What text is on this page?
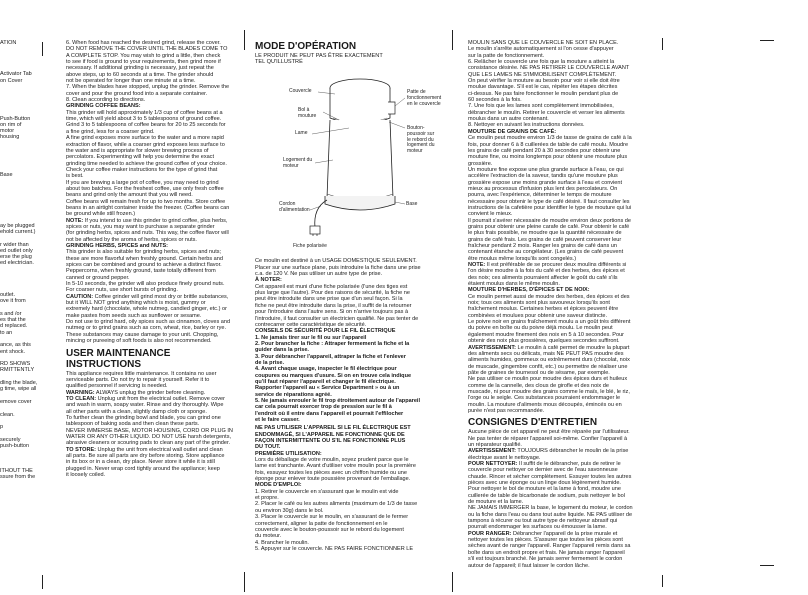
ATION

Activator Tab

on Cover

Push-Button

on rim of

motor

housing

Base

ay be plugged

ehold current.)

r wider than

ed outlet only

erse the plug

ed electrician.

outlet.

ove it from

s and /or

es that the

d replaced.

to an

ance, as this

ent shock.

RD SHOWS

RMITTENTLY

dling the blade,

g time, wipe all

emove cover

clean.

p

securely

push-button

ITHOUT THE

ssure from the

6. When food has reached the desired grind, release the cover.
DO NOT REMOVE THE COVER UNTIL THE BLADES COME TO
A COMPLETE STOP. You may wish to grind a little, then check
to see if food is ground to your requirements, then grind more if
necessary. If additional grinding is necessary, just repeat the
above steps, up to 60 seconds at a time. The grinder should
not be operated for longer than one minute at a time.
7. When the blades have stopped, unplug the grinder. Remove the
cover and pour the ground food into a separate container.
8. Clean according to directions.

GRINDING COFFEE BEANS:

This grinder will hold approximately 1/3 cup of coffee beans at a
time, which will yield about 3 to 5 tablespoons of ground coffee.
Grind 3 to 5 tablespoons of coffee beans for 20 to 25 seconds for
a fine grind, less for a coarser grind.
A fine grind exposes more surface to the water and a more rapid
extraction of flavor, while a coarser grind exposes less surface to
the water and is appropriate for slower brewing process of
percolators. Experimenting will help you determine the exact
grinding time needed to achieve the ground coffee of your choice.
Check your coffee maker instructions for the type of grind that
is best.
If you are brewing a large pot of coffee, you may need to grind
about two batches. For the freshest coffee, use only fresh coffee
beans and grind only the amount that you will need.
Coffee beans will remain fresh for up to two months. Store coffee
beans in an airtight container inside the freezer. (Coffee beans can
be ground while still frozen.)
NOTE: If you intend to use this grinder to grind coffee, plus herbs,
spices or nuts, you may want to purchase a separate grinder
(for grinding herbs, spices and nuts. This way, the coffee flavor will
not be affected by the aroma of herbs, spices or nuts.

GRINDING HERBS, SPICES and NUTS:

This grinder is also suitable for grinding herbs, spices and nuts;
these are more flavorful when freshly ground. Certain herbs and
spices can be combined and ground to achieve a distinct flavor.
Peppercorns, when freshly ground, taste totally different from
canned or ground pepper.
In 5-10 seconds, the grinder will also produce finely ground nuts.
For coarser nuts, use short bursts of grinding.
CAUTION: Coffee grinder will grind most dry or brittle substances,
but it WILL NOT grind anything which is moist, gummy or
extremely hard (chocolate, whole nutmeg, candied ginger, etc.) or
make pastes from seeds such as sunflower or sesame.
Do not use to grind hard, oily spices such as cinnamon, cloves and
nutmeg or to grind grains such as corn, wheat, rice, barley or rye.
These substances may cause damage to your unit. Chopping,
mincing or pureeing of soft foods is also not recommended.
USER MAINTENANCE INSTRUCTIONS
This appliance requires little maintenance. It contains no user
serviceable parts. Do not try to repair it yourself. Refer it to
qualified personnel if servicing is needed.
WARNING: ALWAYS unplug the grinder before cleaning.
TO CLEAN: Unplug unit from the electrical outlet. Remove cover
and wash in warm, soapy water. Rinse and dry thoroughly. Wipe
all other parts with a clean, slightly damp cloth or sponge.
To further clean the grinding bowl and blade, you can grind one
tablespoon of baking soda and then clean these parts.
NEVER IMMERSE BASE, MOTOR HOUSING, CORD OR PLUG IN
WATER OR ANY OTHER LIQUID. DO NOT USE harsh detergents,
abrasive cleaners or scouring pads to clean any part of the grinder.
TO STORE: Unplug the unit from electrical wall outlet and clean
all parts. Be sure all parts are dry before storing. Store appliance
in its box or in a clean, dry place. Never store it while it is still
plugged in. Never wrap cord tightly around the appliance; keep
it loosely coiled.
MODE D'OPÉRATION
LE PRODUIT NE PEUT PAS ÊTRE EXACTEMENT
TEL QU'ILLUSTRÉ
Couvercle
Bol à
mouture
Lame
Logement du
moteur
Cordon
d'alimentation
Fiche polarisée
Patte de
fonctionnement
en le couvercle
Bouton-
poussoir sur
le rebord du
logement du
moteur
Base
Ce moulin est destiné à un USAGE DOMESTIQUE SEULEMENT.
Placer sur une surface plane, puis introduire la fiche dans une prise
c.a. de 120 V. Ne pas utiliser un autre type de prise.

À NOTER:

Cet appareil est muni d'une fiche polarisée (l'une des tiges est
plus large que l'autre). Pour des raisons de sécurité, la fiche ne
peut être introduite dans une prise que d'un seul façon. Si la
fiche ne peut être introduite dans la prise, il suffit de la retourner
pour l'introduire dans l'autre sens. Si on n'arrive toujours pas à
l'introduire, il faut consulter un électricien qualifié. Ne pas tenter de
contrecarrer cette caractéristique de sécurité.

CONSEILS DE SÉCURITÉ POUR LE FIL ÉLECTRIQUE

1. Ne jamais tirer sur le fil ou sur l'appareil
2. Pour brancher la fiche : Attraper fermement la fiche et la
guider dans la prise.
3. Pour débrancher l'appareil, attraper la fiche et l'enlever
de la prise.
4. Avant chaque usage, inspecter le fil électrique pour
coupures ou marques d'usure. Si on en trouve cela indique
qu'il faut réparer l'appareil et changer le fil électrique.
Rapporter l'appareil au « Service Department » ou à un
service de réparations agréé.
5. Ne jamais enrouler le fil trop étroitement autour de l'appareil
car cela pourrait exercer trop de pression sur le fil à
l'endroit où il entre dans l'appareil et pourrait l'effilocher
et le faire casser.
NE PAS UTILISER L'APPAREIL SI LE FIL ÉLECTRIQUE EST
ENDOMMAGÉ, SI L'APPAREIL NE FONCTIONNE QUE DE
FAÇON INTERMITTENTE OU S'IL NE FONCTIONNE PLUS
DU TOUT.

PREMIÈRE UTILISATION:

Lors du déballage de votre moulin, soyez prudent parce que le
lame est tranchante. Avant d'utiliser votre moulin pour la première
fois, essuyez toutes les pièces avec un chiffon humide ou une
éponge pour enlever toute poussière provenant de l'emballage.

MODE D'EMPLOI:

1. Retirer le couvercle en s'assurant que le moulin est vide
et propre.
2. Placer le café ou les autres aliments (maximum de 1/3 de tasse
ou environ 30g) dans le bol.
3. Placer le couvercle sur le moulin, en s'assurant de le fermer
correctement, aligner la patte de fonctionnement en le
couvercle avec le bouton-poussoir sur le rebord du logement
du moteur.
4. Brancher le moulin.
5. Appuyer sur le couvercle. NE PAS FAIRE FONCTIONNER LE
MOULIN SANS QUE LE COUVERCLE NE SOIT EN PLACE.
Le moulin s'arrête automatiquement si l'on cesse d'appuyer
sur la patte de fonctionnement.
6. Relâcher le couvercle une fois que la mouture a atteint la
consistance désirée. NE PAS RETIRER LE COUVERCLE AVANT
QUE LES LAMES NE S'IMMOBILISENT COMPLÈTEMENT.
On peut vérifier la mouture au besoin pour voir si elle doit être
moulue davantage. S'il est le cas, répéter les étapes décrites
ci-dessus. Ne pas faire fonctionner le moulin pendant plus de
60 secondes à la fois.
7. Une fois que les lames sont complètement immobilisées,
débrancher le moulin. Retirer le couvercle et verser les aliments
moulus dans un autre contenant.
8. Nettoyer en suivant les instructions données.

MOUTURE DE GRAINS DE CAFÉ:

Ce moulin peut moudre environ 1/3 de tasse de grains de café à la
fois, pour donner 6 à 8 cuillerées de table de café moulu. Moudre
les grains de café pendant 20 à 30 secondes pour obtenir une
mouture fine, ou moins longtemps pour obtenir une mouture plus
grossière.
Un mouture fine expose une plus grande surface à l'eau, ce qui
accélère l'extraction de la saveur, tandis qu'une mouture plus
grossière expose une moins grande surface à l'eau et convient
mieux au processus d'infusion plus lent des percolateurs. On
pourra, avec l'expérience, déterminer le temps de mouture
nécessaire pour obtenir le type de café désiré. Il faut consulter les
instructions de la cafetière pour identifier le type de mouture qui lui
convient le mieux.
Il pourrait s'avérer nécessaire de moudre environ deux portions de
grains pour obtenir une pleine carafe de café. Pour obtenir le café
le plus frais possible, ne moudre que la quantité nécessaire de
grains de café frais. Les grains de café peuvent conserver leur
fraîcheur pendant 2 mois. Ranger les grains de café dans un
contenant étanche au congélateur. (Les grains de café peuvent
être moulus même lorsqu'ils sont congelés.)
NOTE: Il est préférable de se procurer deux moulins différents si
l'on désire moudre à la fois du café et des herbes, des épices et
des noix; ces aliments pourraient affecter le goût du café s'ils
étaient moulus dans le même moulin.

MOUTURE D'HERBES, D'ÉPICES ET DE NOIX:

Ce moulin permet aussi de moudre des herbes, des épices et des
noix; tous ces aliments sont plus savoureux lorsqu'ils sont
fraîchement moulus. Certaines herbes et épices peuvent être
combinées et moulues pour obtenir une saveur distincte.
Le poivre noir en grains fraîchement moulu a un goût très différent
du poivre en boîte ou du poivre déjà moulu. Le moulin peut
également moudre finement des noix en 5 à 10 secondes. Pour
obtenir des noix plus grossières, quelques secondes suffiront.
AVERTISSEMENT: Le moulin à café permet de moudre la plupart
des aliments secs ou délicats, mais NE PEUT PAS moudre des
aliments humides, gommeux ou extrêmement durs (chocolat, noix
de muscade, gingembre confit, etc.) ou permettre de réaliser une
pâte de graines de tournesol ou de sésame, par exemple.
Ne pas utiliser ce moulin pour moudre des épices durs et huileux
comme de la cannelle, des clous de girofle et des noix de
muscade, ni pour moudre des grains comme le maïs, le blé, le riz,
l'orge ou le seigle. Ces substances pourraient endommager le
moulin. La mouture d'aliments mous découpés, émincés ou en
purée n'est pas recommandée.
CONSIGNES D'ENTRETIEN
Aucune pièce de cet appareil ne peut être réparée par l'utilisateur.
Ne pas tenter de réparer l'appareil soi-même. Confier l'appareil à
un réparateur qualifié.
AVERTISSEMENT: TOUJOURS débrancher le moulin de la prise
électrique avant le nettoyage.
POUR NETTOYER: Il suffit de le débrancher, puis de retirer le
couvercle pour nettoyer ce dernier avec de l'eau savonneuse
chaude. Rincer et sécher complètement. Essuyer toutes les autres
pièces avec une éponge ou un linge doux légèrement humide.
Pour nettoyer le bol de mouture et la lame à fond, moudre une
cuillerée de table de bicarbonate de sodium, puis nettoyer le bol
de mouture et la lame.
NE JAMAIS IMMERGER la base, le logement du moteur, le cordon
ou la fiche dans l'eau ou dans tout autre liquide. NE PAS utiliser de
tampons à récurer ou tout autre type de nettoyeur abrasif qui
pourrait endommager les surfaces ou émousser la lame.
POUR RANGER: Débrancher l'appareil de la prise murale et
nettoyer toutes les pièces. S'assurer que toutes les pièces sont
sèches avant de ranger l'appareil. Ranger l'appareil remis dans sa
boîte dans un endroit propre et frais. Ne jamais ranger l'appareil
s'il est toujours branché. Ne jamais serrer fermement le cordon
autour de l'appareil; il faut laisser le cordon lâche.
